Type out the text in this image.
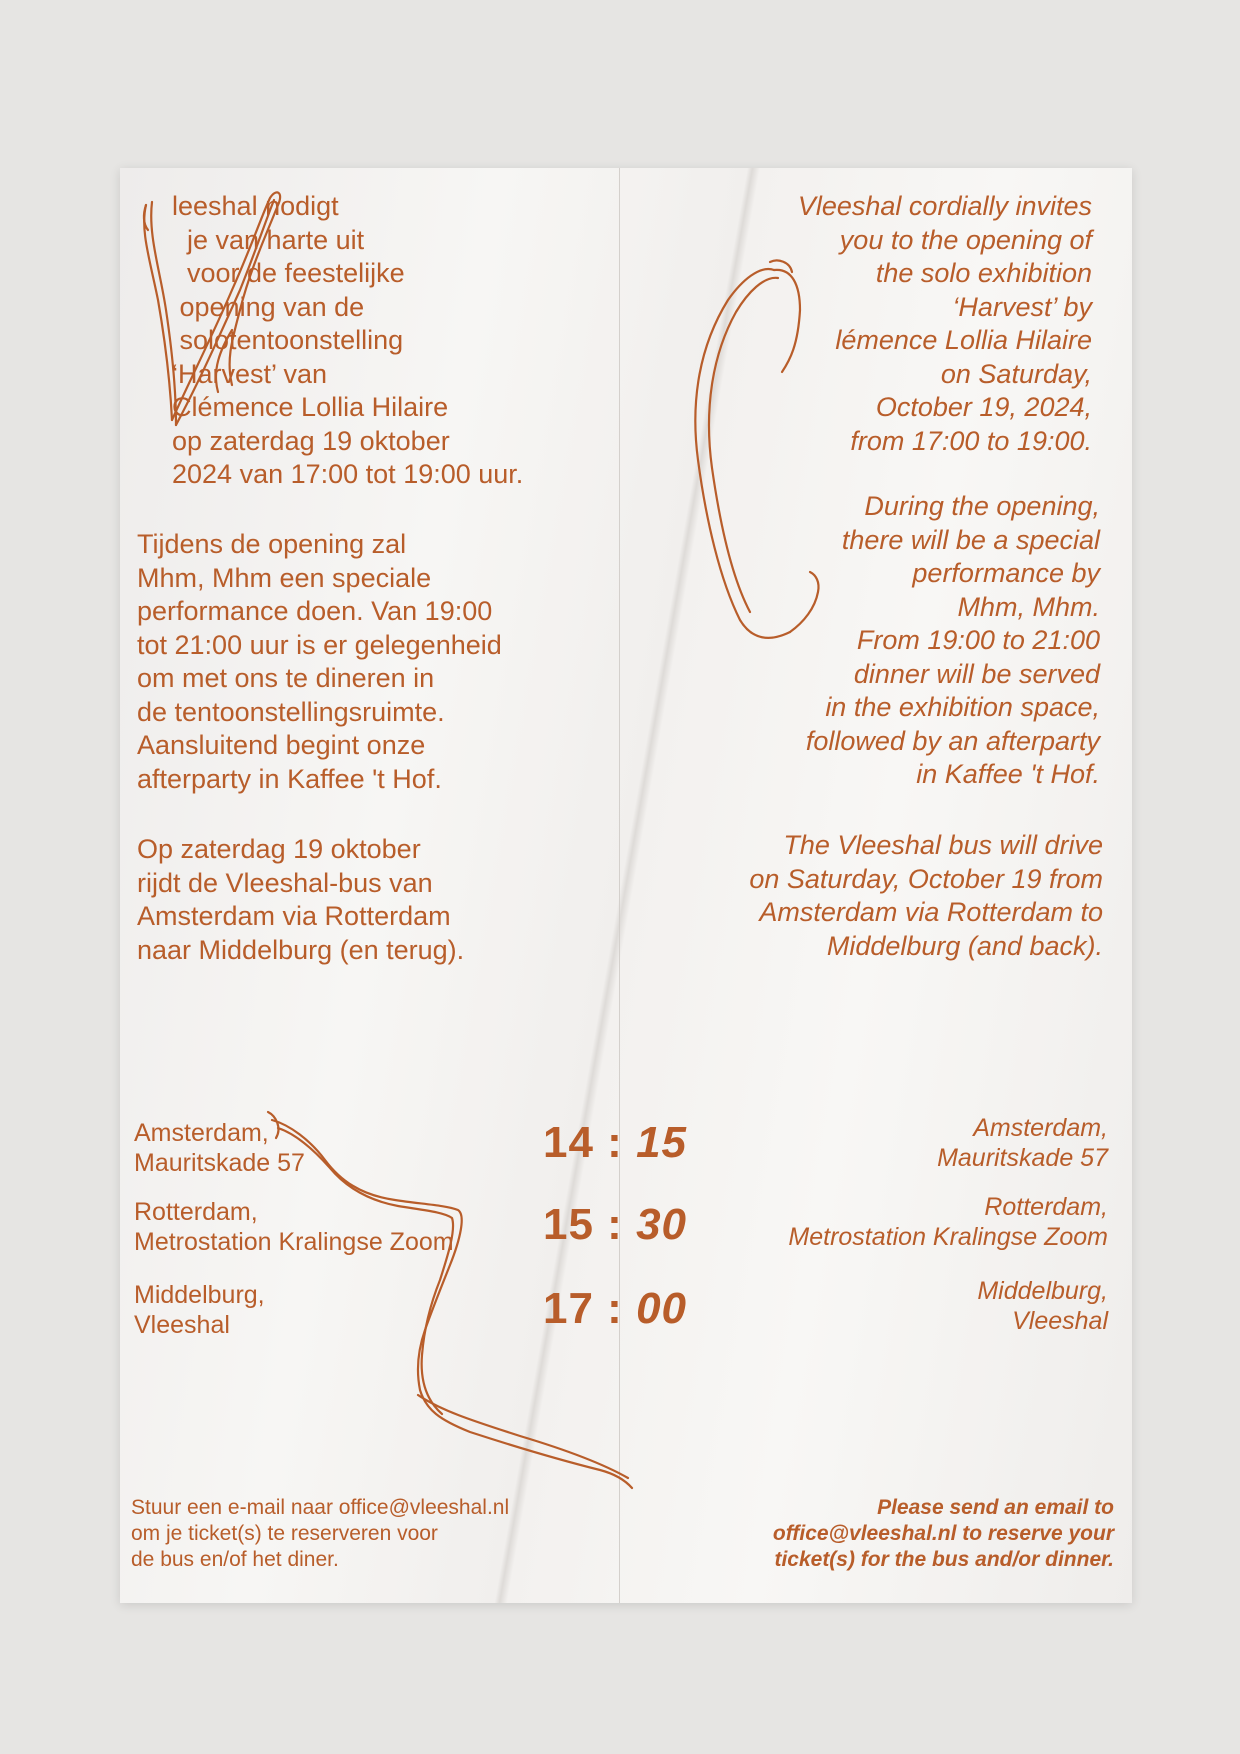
leeshal nodigt
je van harte uit
voor de feestelijke
opening van de
solotentoonstelling
‘Harvest’ van
Clémence Lollia Hilaire
op zaterdag 19 oktober
2024 van 17:00 tot 19:00 uur.

Tijdens de opening zal
Mhm, Mhm een speciale
performance doen. Van 19:00
tot 21:00 uur is er gelegenheid
om met ons te dineren in
de tentoonstellingsruimte.
Aansluitend begint onze
afterparty in Kaffee 't Hof.

Op zaterdag 19 oktober
rijdt de Vleeshal-bus van
Amsterdam via Rotterdam
naar Middelburg (en terug).

Amsterdam,
Mauritskade 57

Rotterdam,
Metrostation Kralingse Zoom

Middelburg,
Vleeshal

Stuur een e-mail naar office@vleeshal.nl
om je ticket(s) te reserveren voor
de bus en/of het diner.

14 : 15
15 : 30
17 : 00

Vleeshal cordially invites
you to the opening of
the solo exhibition
‘Harvest’ by
lémence Lollia Hilaire
on Saturday,
October 19, 2024,
from 17:00 to 19:00.

During the opening,
there will be a special
performance by
Mhm, Mhm.
From 19:00 to 21:00
dinner will be served
in the exhibition space,
followed by an afterparty
in Kaffee 't Hof.

The Vleeshal bus will drive
on Saturday, October 19 from
Amsterdam via Rotterdam to
Middelburg (and back).

Amsterdam,
Mauritskade 57

Rotterdam,
Metrostation Kralingse Zoom

Middelburg,
Vleeshal

Please send an email to
office@vleeshal.nl to reserve your
ticket(s) for the bus and/or dinner.
